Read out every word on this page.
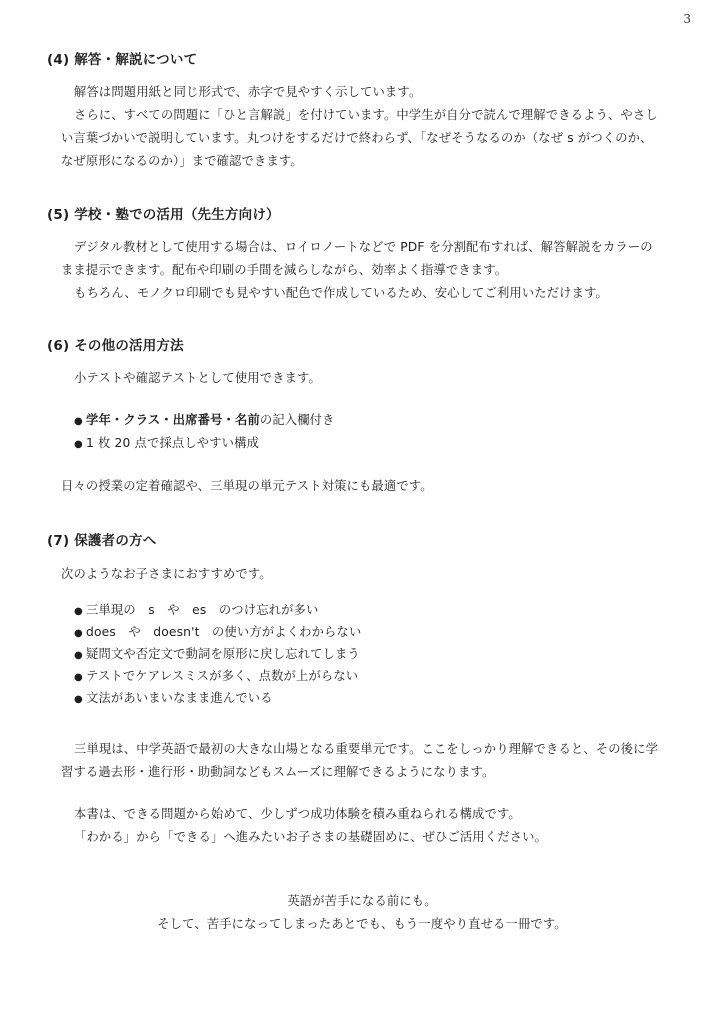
3
(4) 解答・解説について
解答は問題用紙と同じ形式で、赤字で見やすく示しています。
さらに、すべての問題に「ひと言解説」を付けています。中学生が自分で読んで理解できるよう、やさし
い言葉づかいで説明しています。丸つけをするだけで終わらず、「なぜそうなるのか（なぜ s がつくのか、
なぜ原形になるのか）」まで確認できます。
(5) 学校・塾での活用（先生方向け）
デジタル教材として使用する場合は、ロイロノートなどで PDF を分割配布すれば、解答解説をカラーの
まま提示できます。配布や印刷の手間を減らしながら、効率よく指導できます。
もちろん、モノクロ印刷でも見やすい配色で作成しているため、安心してご利用いただけます。
(6) その他の活用方法
小テストや確認テストとして使用できます。
● 学年・クラス・出席番号・名前の記入欄付き
● 1 枚 20 点で採点しやすい構成
日々の授業の定着確認や、三単現の単元テスト対策にも最適です。
(7) 保護者の方へ
次のようなお子さまにおすすめです。
● 三単現の　s　や　es　のつけ忘れが多い
● does　や　doesn't　の使い方がよくわからない
● 疑問文や否定文で動詞を原形に戻し忘れてしまう
● テストでケアレスミスが多く、点数が上がらない
● 文法があいまいなまま進んでいる
三単現は、中学英語で最初の大きな山場となる重要単元です。ここをしっかり理解できると、その後に学
習する過去形・進行形・助動詞などもスムーズに理解できるようになります。
本書は、できる問題から始めて、少しずつ成功体験を積み重ねられる構成です。
「わかる」から「できる」へ進みたいお子さまの基礎固めに、ぜひご活用ください。
英語が苦手になる前にも。
そして、苦手になってしまったあとでも、もう一度やり直せる一冊です。
